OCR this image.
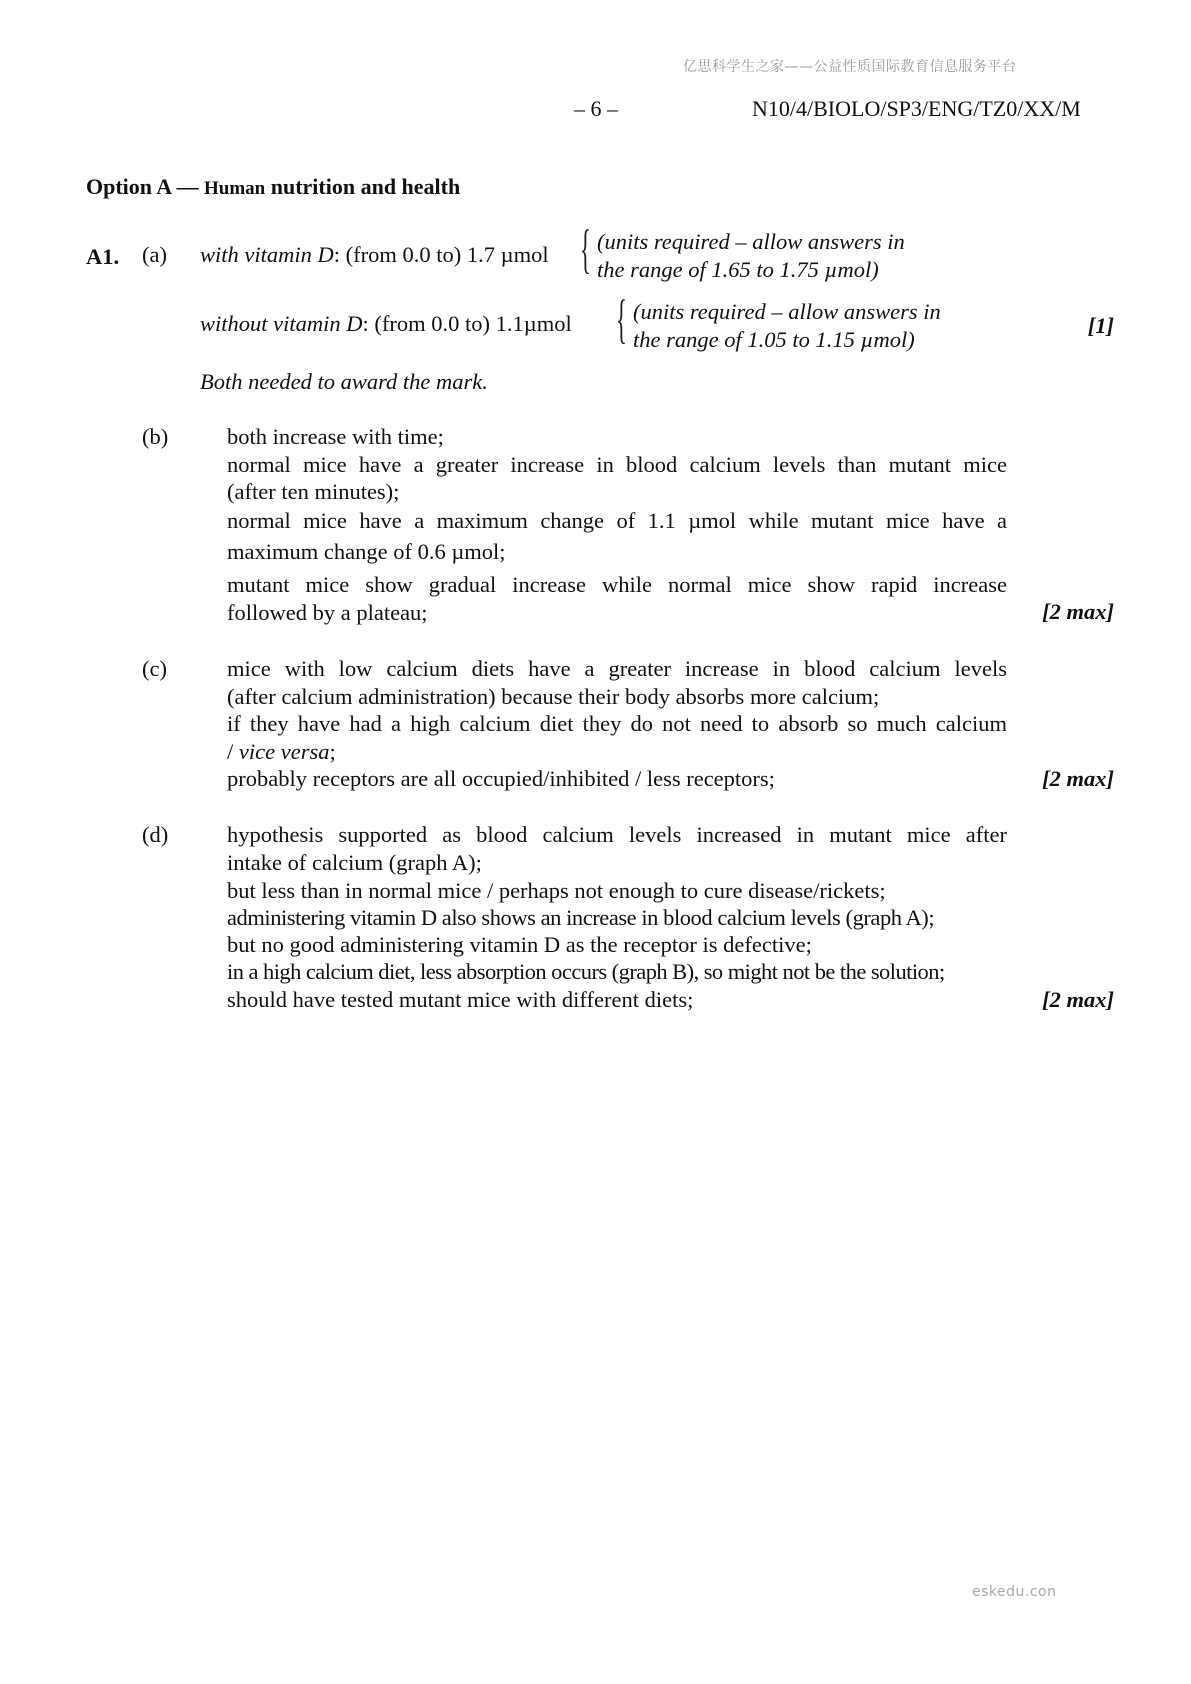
亿思科学生之家——公益性质国际教育信息服务平台
– 6 –	N10/4/BIOLO/SP3/ENG/TZ0/XX/M
Option A — Human nutrition and health
A1. (a) with vitamin D: (from 0.0 to) 1.7 µmol { (units required – allow answers in
the range of 1.65 to 1.75 µmol)
without vitamin D: (from 0.0 to) 1.1µmol { (units required – allow answers in
the range of 1.05 to 1.15 µmol)
[1]
Both needed to award the mark.
(b)	both increase with time;
normal mice have a greater increase in blood calcium levels than mutant mice
(after ten minutes);
normal mice have a maximum change of 1.1 µmol while mutant mice have a
maximum change of 0.6 µmol;
mutant mice show gradual increase while normal mice show rapid increase
followed by a plateau;	[2 max]
(c)	mice with low calcium diets have a greater increase in blood calcium levels
(after calcium administration) because their body absorbs more calcium;
if they have had a high calcium diet they do not need to absorb so much calcium
/ vice versa;
probably receptors are all occupied/inhibited / less receptors;	[2 max]
(d)	hypothesis supported as blood calcium levels increased in mutant mice after
intake of calcium (graph A);
but less than in normal mice / perhaps not enough to cure disease/rickets;
administering vitamin D also shows an increase in blood calcium levels (graph A);
but no good administering vitamin D as the receptor is defective;
in a high calcium diet, less absorption occurs (graph B), so might not be the solution;
should have tested mutant mice with different diets;	[2 max]
eskedu.con
